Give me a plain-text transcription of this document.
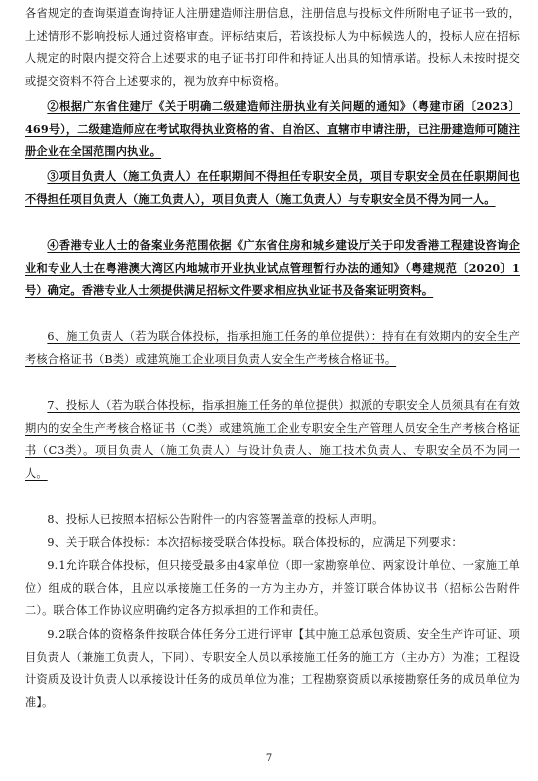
各省规定的查询渠道查询持证人注册建造师注册信息，注册信息与投标文件所附电子证书一致的，上述情形不影响投标人通过资格审查。评标结束后，若该投标人为中标候选人的，投标人应在招标人规定的时限内提交符合上述要求的电子证书打印件和持证人出具的知情承诺。投标人未按时提交或提交资料不符合上述要求的，视为放弃中标资格。

②根据广东省住建厅《关于明确二级建造师注册执业有关问题的通知》（粤建市函〔2023〕469号），二级建造师应在考试取得执业资格的省、自治区、直辖市申请注册，已注册建造师可随注册企业在全国范围内执业。

③项目负责人（施工负责人）在任职期间不得担任专职安全员，项目专职安全员在任职期间也不得担任项目负责人（施工负责人），项目负责人（施工负责人）与专职安全员不得为同一人。

④香港专业人士的备案业务范围依据《广东省住房和城乡建设厅关于印发香港工程建设咨询企业和专业人士在粤港澳大湾区内地城市开业执业试点管理暂行办法的通知》（粤建规范〔2020〕1号）确定。香港专业人士须提供满足招标文件要求相应执业证书及备案证明资料。

6、施工负责人（若为联合体投标，指承担施工任务的单位提供）：持有在有效期内的安全生产考核合格证书（B类）或建筑施工企业项目负责人安全生产考核合格证书。

7、投标人（若为联合体投标，指承担施工任务的单位提供）拟派的专职安全人员须具有在有效期内的安全生产考核合格证书（C类）或建筑施工企业专职安全生产管理人员安全生产考核合格证书（C3类）。项目负责人（施工负责人）与设计负责人、施工技术负责人、专职安全员不为同一人。

8、投标人已按照本招标公告附件一的内容签署盖章的投标人声明。

9、关于联合体投标：本次招标接受联合体投标。联合体投标的，应满足下列要求：

9.1允许联合体投标，但只接受最多由4家单位（即一家勘察单位、两家设计单位、一家施工单位）组成的联合体，且应以承接施工任务的一方为主办方，并签订联合体协议书（招标公告附件二）。联合体工作协议应明确约定各方拟承担的工作和责任。

9.2联合体的资格条件按联合体任务分工进行评审【其中施工总承包资质、安全生产许可证、项目负责人（兼施工负责人，下同）、专职安全人员以承接施工任务的施工方（主办方）为准；工程设计资质及设计负责人以承接设计任务的成员单位为准；工程勘察资质以承接勘察任务的成员单位为准】。

7
